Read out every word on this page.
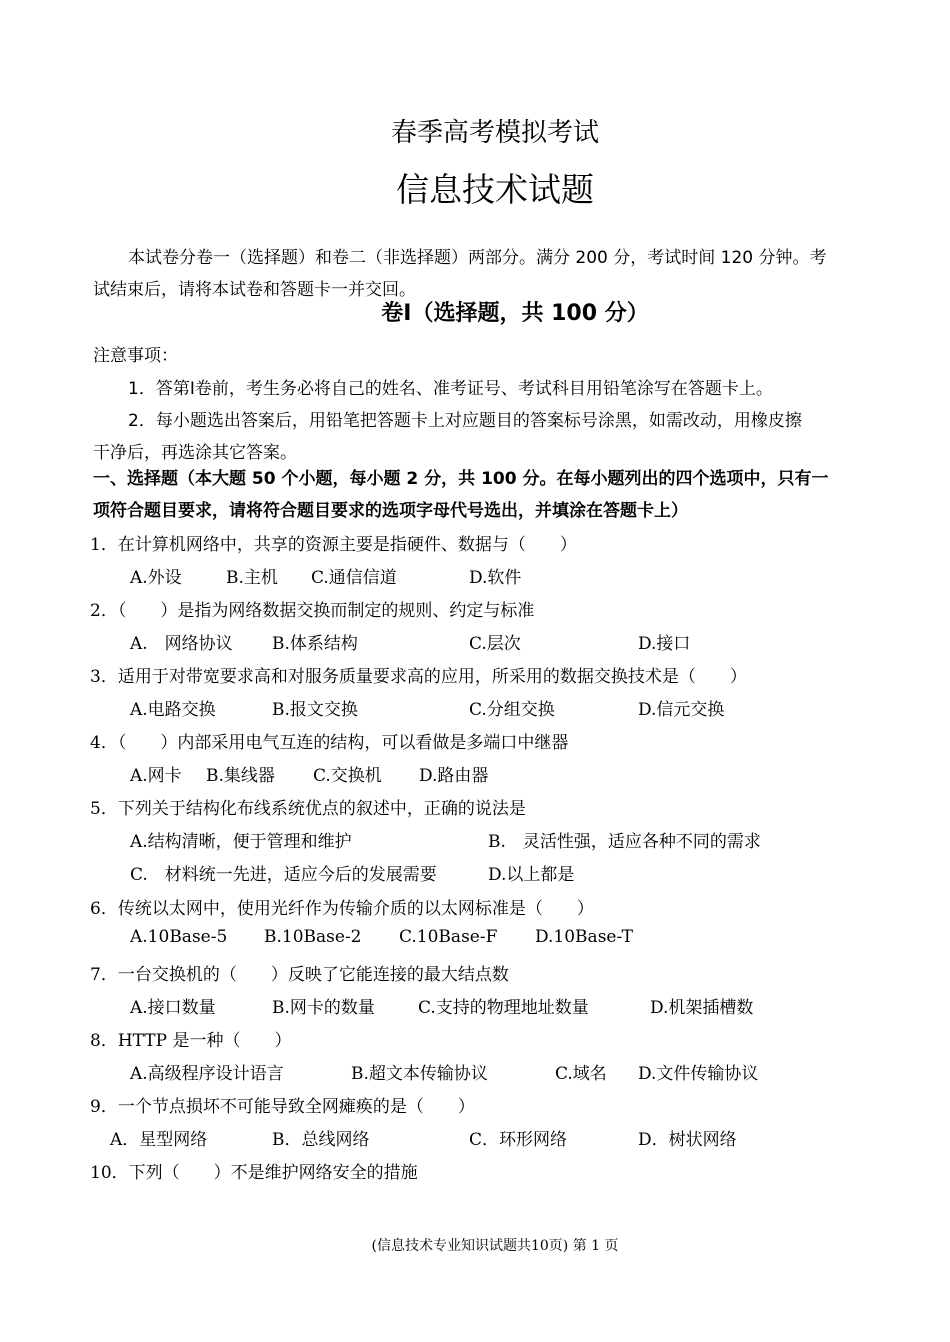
春季高考模拟考试
信息技术试题
本试卷分卷一（选择题）和卷二（非选择题）两部分。满分 200 分，考试时间 120 分钟。考
试结束后，请将本试卷和答题卡一并交回。
卷Ⅰ（选择题，共 100 分）
注意事项：
1．答第Ⅰ卷前，考生务必将自己的姓名、准考证号、考试科目用铅笔涂写在答题卡上。
2．每小题选出答案后，用铅笔把答题卡上对应题目的答案标号涂黑，如需改动，用橡皮擦
干净后，再选涂其它答案。
一、选择题（本大题 50 个小题，每小题 2 分，共 100 分。在每小题列出的四个选项中，只有一
项符合题目要求，请将符合题目要求的选项字母代号选出，并填涂在答题卡上）
1．在计算机网络中，共享的资源主要是指硬件、数据与（　　）
A.外设	B.主机 C.通信信道	D.软件
2．（　　）是指为网络数据交换而制定的规则、约定与标准
A.　网络协议 B.体系结构	C.层次	D.接口
3．适用于对带宽要求高和对服务质量要求高的应用，所采用的数据交换技术是（　　）
A.电路交换	B.报文交换	C.分组交换	D.信元交换
4．（　　）内部采用电气互连的结构，可以看做是多端口中继器
A.网卡 B.集线器 C.交换机 D.路由器
5．下列关于结构化布线系统优点的叙述中，正确的说法是
A.结构清晰，便于管理和维护	B.　灵活性强，适应各种不同的需求
C.　材料统一先进，适应今后的发展需要	D.以上都是
6．传统以太网中，使用光纤作为传输介质的以太网标准是（　　）
A.10Base-5 B.10Base-2 C.10Base-F D.10Base-T
7．一台交换机的（　　）反映了它能连接的最大结点数
A.接口数量	B.网卡的数量	C.支持的物理地址数量	D.机架插槽数
8．HTTP 是一种（　　）
A.高级程序设计语言	B.超文本传输协议	C.域名 D.文件传输协议
9．一个节点损坏不可能导致全网瘫痪的是（　　）
A．星型网络	B．总线网络	C．环形网络	D．树状网络
10．下列（　　）不是维护网络安全的措施
(信息技术专业知识试题共10页) 第 1 页
